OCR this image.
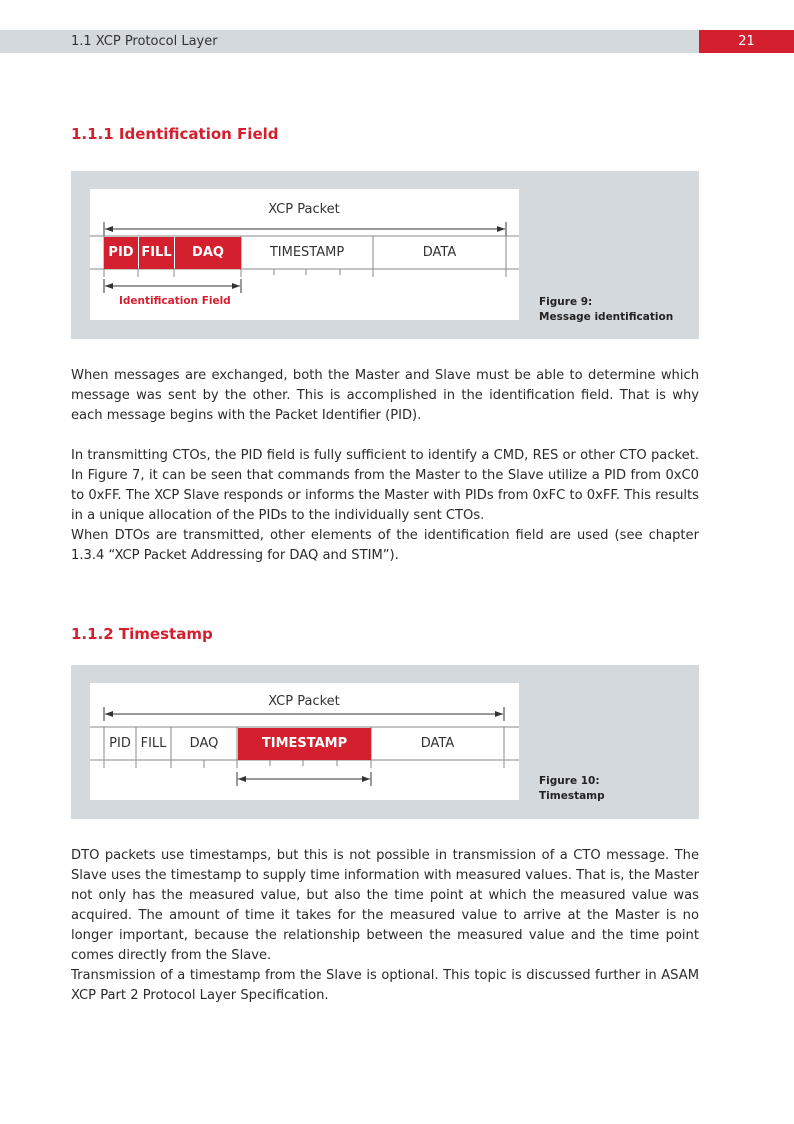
1.1 XCP Protocol Layer	21
1.1.1 Identification Field
XCP Packet
PID FILL	DAQ	TIMESTAMP	DATA
Identification Field	Figure 9:
Message identification

When messages are exchanged, both the Master and Slave must be able to determine which message was sent by the other. This is accomplished in the identification field. That is why each message begins with the Packet Identifier (PID).

In transmitting CTOs, the PID field is fully sufficient to identify a CMD, RES or other CTO packet. In Figure 7, it can be seen that commands from the Master to the Slave utilize a PID from 0xC0 to 0xFF. The XCP Slave responds or informs the Master with PIDs from 0xFC to 0xFF. This results in a unique allocation of the PIDs to the individually sent CTOs.

When DTOs are transmitted, other elements of the identification field are used (see chapter 1.3.4 “XCP Packet Addressing for DAQ and STIM”).

1.1.2 Timestamp
XCP Packet
PID FILL	DAQ	TIMESTAMP	DATA
Figure 10:
Timestamp

DTO packets use timestamps, but this is not possible in transmission of a CTO message. The Slave uses the timestamp to supply time information with measured values. That is, the Master not only has the measured value, but also the time point at which the measured value was acquired. The amount of time it takes for the measured value to arrive at the Master is no longer important, because the relationship between the measured value and the time point comes directly from the Slave.

Transmission of a timestamp from the Slave is optional. This topic is discussed further in ASAM XCP Part 2 Protocol Layer Specification.
